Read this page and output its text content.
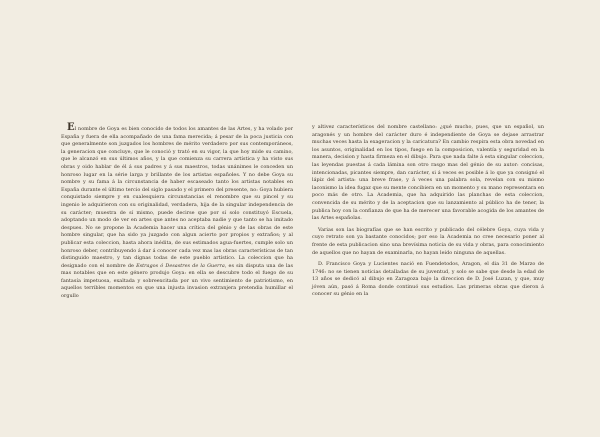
El nombre de Goya es bien conocido de todos los amantes de las Artes, y ha volado por España y fuera de ella acompañado de una fama merecida; á pesar de la poca justicia con que generalmente son juzgados los hombres de mérito verdadero por sus contemporáneos, la generacion que concluye, que le conoció y trató en su vigor, la que hoy mide su camino, que le alcanzó en sus últimos años, y la que comienza su carrera artística y ha visto sus obras y oido hablar de él á sus padres y á sus maestros, todas unánimes le conceden un honroso lugar en la série larga y brillante de los artistas españoles. Y no debe Goya su nombre y su fama á la circunstancia de haber escaseado tanto los artistas notables en España durante el último tercio del siglo pasado y el primero del presente, no: Goya hubiera conquistado siempre y en cualesquiera circunstancias el renombre que su pincel y su ingenio le adquirieron con su originalidad, verdadera, hija de la singular independencia de su carácter; muestra de sí mismo, puede decirse que por sí solo constituyó Escuela, adoptando un modo de ver en artes que antes no aceptaba nadie y que tanto se ha imitado despues. No se propone la Academia hacer una crítica del génio y de las obras de este hombre singular, que ha sido ya juzgado con algun acierto por propios y extraños; y al publicar esta coleccion, hasta ahora inédita, de sus estimados agua-fuertes, cumple solo un honroso deber, contribuyendo á dar á conocer cada vez mas las obras características de tan distinguido maestro, y tan dignas todas de este pueblo artístico. La coleccion que ha designado con el nombre de Estragos ó Desastres de la Guerra, es sin disputa una de las mas notables que en este género produjo Goya: en ella se descubre todo el fuego de su fantasía impetuosa, exaltada y sobreexcitada por un vivo sentimiento de patriotismo, en aquellos terribles momentos en que una injusta invasion extranjera pretendia humillar el orgullo

y altivez característicos del nombre castellano: ¿qué mucho, pues, que un español, un aragonés y un hombre del carácter duro é independiente de Goya se dejase arrastrar muchas veces hasta la exageracion y la caricatura? En cambio respira esta obra novedad en los asuntos, originalidad en los tipos, fuego en la composicion, valentía y seguridad en la manera, decision y hasta firmeza en el dibujo. Para que nada falte á esta singular coleccion, las leyendas puestas á cada lámina son otro rasgo mas del génio de su autor: concisas, intencionadas, picantes siempre, dan carácter, si á veces es posible á lo que ya consignó el lápiz del artista: una breve frase, y á veces una palabra sola, revelan con su mismo laconismo la idea fugaz que su mente concibiera en un momento y su mano representara en poco más de otro. La Academia, que ha adquirido las planchas de esta coleccion, convencida de su mérito y de la aceptacion que su lanzamiento al público ha de tener, la publica hoy con la confianza de que ha de merecer una favorable acogida de los amantes de las Artes españolas.

Varias son las biografías que se han escrito y publicado del célebre Goya, cuya vida y cuyo retrato son ya bastante conocidos; por eso la Academia no cree necesario poner al frente de esta publicacion sino una brevísima noticia de su vida y obras, para conocimiento de aquellos que no hayan de examinarla, no hayan leido ninguna de aquellas.

D. Francisco Goya y Lucientes nació en Fuendetodos, Aragon, el dia 31 de Marzo de 1746: no se tienen noticias detalladas de su juventud, y solo se sabe que desde la edad de 13 años se dedicó al dibujo en Zaragoza bajo la direccion de D. José Luzan, y que, muy jóven aún, pasó á Roma donde continuó sus estudios. Las primeras obras que dieron á conocer su génio en la
